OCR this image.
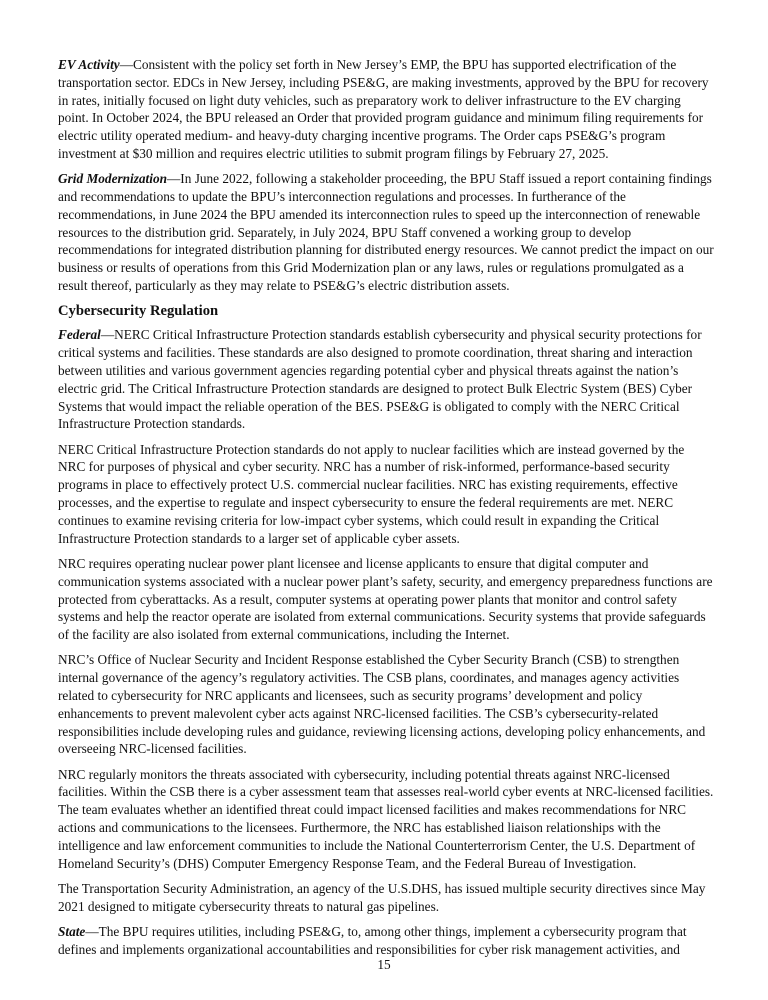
EV Activity—Consistent with the policy set forth in New Jersey’s EMP, the BPU has supported electrification of the transportation sector. EDCs in New Jersey, including PSE&G, are making investments, approved by the BPU for recovery in rates, initially focused on light duty vehicles, such as preparatory work to deliver infrastructure to the EV charging point. In October 2024, the BPU released an Order that provided program guidance and minimum filing requirements for electric utility operated medium- and heavy-duty charging incentive programs. The Order caps PSE&G’s program investment at $30 million and requires electric utilities to submit program filings by February 27, 2025.

Grid Modernization—In June 2022, following a stakeholder proceeding, the BPU Staff issued a report containing findings and recommendations to update the BPU’s interconnection regulations and processes. In furtherance of the recommendations, in June 2024 the BPU amended its interconnection rules to speed up the interconnection of renewable resources to the distribution grid. Separately, in July 2024, BPU Staff convened a working group to develop recommendations for integrated distribution planning for distributed energy resources. We cannot predict the impact on our business or results of operations from this Grid Modernization plan or any laws, rules or regulations promulgated as a result thereof, particularly as they may relate to PSE&G’s electric distribution assets.

Cybersecurity Regulation

Federal—NERC Critical Infrastructure Protection standards establish cybersecurity and physical security protections for critical systems and facilities. These standards are also designed to promote coordination, threat sharing and interaction between utilities and various government agencies regarding potential cyber and physical threats against the nation’s electric grid. The Critical Infrastructure Protection standards are designed to protect Bulk Electric System (BES) Cyber Systems that would impact the reliable operation of the BES. PSE&G is obligated to comply with the NERC Critical Infrastructure Protection standards.

NERC Critical Infrastructure Protection standards do not apply to nuclear facilities which are instead governed by the NRC for purposes of physical and cyber security. NRC has a number of risk-informed, performance-based security programs in place to effectively protect U.S. commercial nuclear facilities. NRC has existing requirements, effective processes, and the expertise to regulate and inspect cybersecurity to ensure the federal requirements are met. NERC continues to examine revising criteria for low-impact cyber systems, which could result in expanding the Critical Infrastructure Protection standards to a larger set of applicable cyber assets.

NRC requires operating nuclear power plant licensee and license applicants to ensure that digital computer and communication systems associated with a nuclear power plant’s safety, security, and emergency preparedness functions are protected from cyberattacks. As a result, computer systems at operating power plants that monitor and control safety systems and help the reactor operate are isolated from external communications. Security systems that provide safeguards of the facility are also isolated from external communications, including the Internet.

NRC’s Office of Nuclear Security and Incident Response established the Cyber Security Branch (CSB) to strengthen internal governance of the agency’s regulatory activities. The CSB plans, coordinates, and manages agency activities related to cybersecurity for NRC applicants and licensees, such as security programs’ development and policy enhancements to prevent malevolent cyber acts against NRC-licensed facilities. The CSB’s cybersecurity-related responsibilities include developing rules and guidance, reviewing licensing actions, developing policy enhancements, and overseeing NRC-licensed facilities.

NRC regularly monitors the threats associated with cybersecurity, including potential threats against NRC-licensed facilities. Within the CSB there is a cyber assessment team that assesses real-world cyber events at NRC-licensed facilities. The team evaluates whether an identified threat could impact licensed facilities and makes recommendations for NRC actions and communications to the licensees. Furthermore, the NRC has established liaison relationships with the intelligence and law enforcement communities to include the National Counterterrorism Center, the U.S. Department of Homeland Security’s (DHS) Computer Emergency Response Team, and the Federal Bureau of Investigation.

The Transportation Security Administration, an agency of the U.S.DHS, has issued multiple security directives since May 2021 designed to mitigate cybersecurity threats to natural gas pipelines.

State—The BPU requires utilities, including PSE&G, to, among other things, implement a cybersecurity program that defines and implements organizational accountabilities and responsibilities for cyber risk management activities, and

15
